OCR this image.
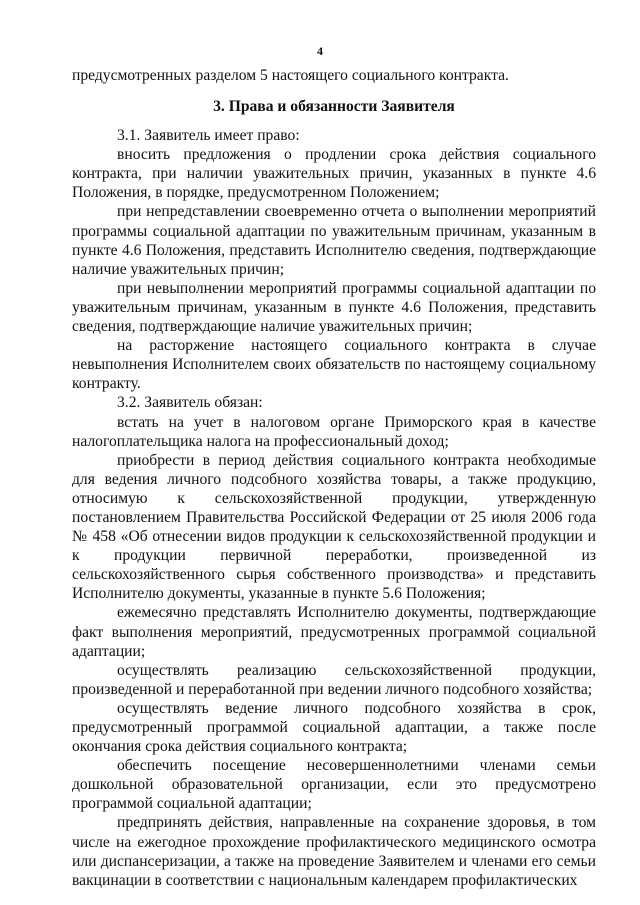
4

предусмотренных разделом 5 настоящего социального контракта.

3. Права и обязанности Заявителя

3.1. Заявитель имеет право:

вносить предложения о продлении срока действия социального контракта, при наличии уважительных причин, указанных в пункте 4.6 Положения, в порядке, предусмотренном Положением;

при непредставлении своевременно отчета о выполнении мероприятий программы социальной адаптации по уважительным причинам, указанным в пункте 4.6 Положения, представить Исполнителю сведения, подтверждающие наличие уважительных причин;

при невыполнении мероприятий программы социальной адаптации по уважительным причинам, указанным в пункте 4.6 Положения, представить сведения, подтверждающие наличие уважительных причин;

на расторжение настоящего социального контракта в случае невыполнения Исполнителем своих обязательств по настоящему социальному контракту.

3.2. Заявитель обязан:

встать на учет в налоговом органе Приморского края в качестве налогоплательщика налога на профессиональный доход;

приобрести в период действия социального контракта необходимые для ведения личного подсобного хозяйства товары, а также продукцию, относимую к сельскохозяйственной продукции, утвержденную постановлением Правительства Российской Федерации от 25 июля 2006 года № 458 «Об отнесении видов продукции к сельскохозяйственной продукции и к продукции первичной переработки, произведенной из сельскохозяйственного сырья собственного производства» и представить Исполнителю документы, указанные в пункте 5.6 Положения;

ежемесячно представлять Исполнителю документы, подтверждающие факт выполнения мероприятий, предусмотренных программой социальной адаптации;

осуществлять реализацию сельскохозяйственной продукции, произведенной и переработанной при ведении личного подсобного хозяйства;

осуществлять ведение личного подсобного хозяйства в срок, предусмотренный программой социальной адаптации, а также после окончания срока действия социального контракта;

обеспечить посещение несовершеннолетними членами семьи дошкольной образовательной организации, если это предусмотрено программой социальной адаптации;

предпринять действия, направленные на сохранение здоровья, в том числе на ежегодное прохождение профилактического медицинского осмотра или диспансеризации, а также на проведение Заявителем и членами его семьи вакцинации в соответствии с национальным календарем профилактических
